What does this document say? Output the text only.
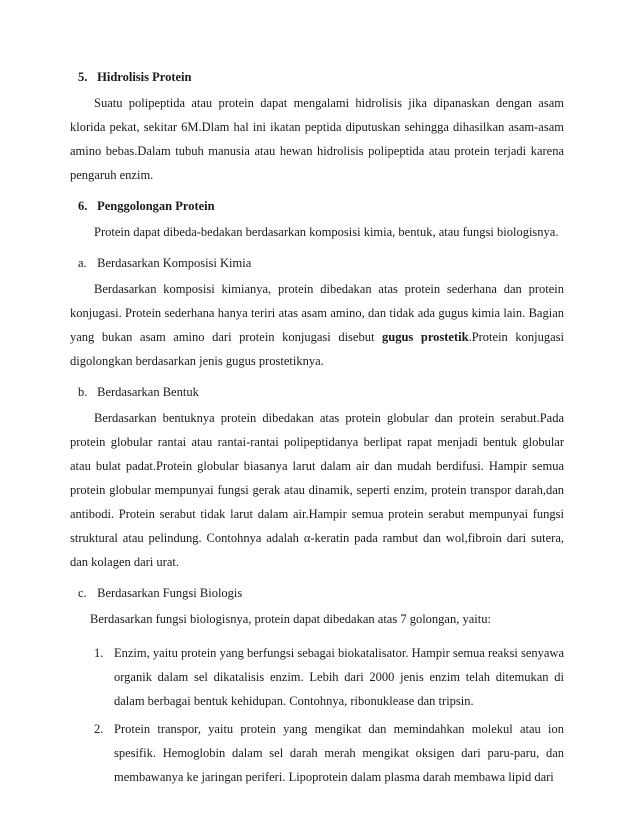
5. Hidrolisis Protein

Suatu polipeptida atau protein dapat mengalami hidrolisis jika dipanaskan dengan asam klorida pekat, sekitar 6M.Dlam hal ini ikatan peptida diputuskan sehingga dihasilkan asam-asam amino bebas.Dalam tubuh manusia atau hewan hidrolisis polipeptida atau protein terjadi karena pengaruh enzim.

6. Penggolongan Protein

Protein dapat dibeda-bedakan berdasarkan komposisi kimia, bentuk, atau fungsi biologisnya.

a. Berdasarkan Komposisi Kimia

Berdasarkan komposisi kimianya, protein dibedakan atas protein sederhana dan protein konjugasi. Protein sederhana hanya teriri atas asam amino, dan tidak ada gugus kimia lain. Bagian yang bukan asam amino dari protein konjugasi disebut gugus prostetik.Protein konjugasi digolongkan berdasarkan jenis gugus prostetiknya.

b. Berdasarkan Bentuk

Berdasarkan bentuknya protein dibedakan atas protein globular dan protein serabut.Pada protein globular rantai atau rantai-rantai polipeptidanya berlipat rapat menjadi bentuk globular atau bulat padat.Protein globular biasanya larut dalam air dan mudah berdifusi. Hampir semua protein globular mempunyai fungsi gerak atau dinamik, seperti enzim, protein transpor darah,dan antibodi. Protein serabut tidak larut dalam air.Hampir semua protein serabut mempunyai fungsi struktural atau pelindung. Contohnya adalah α-keratin pada rambut dan wol,fibroin dari sutera, dan kolagen dari urat.

c. Berdasarkan Fungsi Biologis
Berdasarkan fungsi biologisnya, protein dapat dibedakan atas 7 golongan, yaitu:
1. Enzim, yaitu protein yang berfungsi sebagai biokatalisator. Hampir semua reaksi senyawa organik dalam sel dikatalisis enzim. Lebih dari 2000 jenis enzim telah ditemukan di dalam berbagai bentuk kehidupan. Contohnya, ribonuklease dan tripsin.
2. Protein transpor, yaitu protein yang mengikat dan memindahkan molekul atau ion spesifik. Hemoglobin dalam sel darah merah mengikat oksigen dari paru-paru, dan membawanya ke jaringan periferi. Lipoprotein dalam plasma darah membawa lipid dari
